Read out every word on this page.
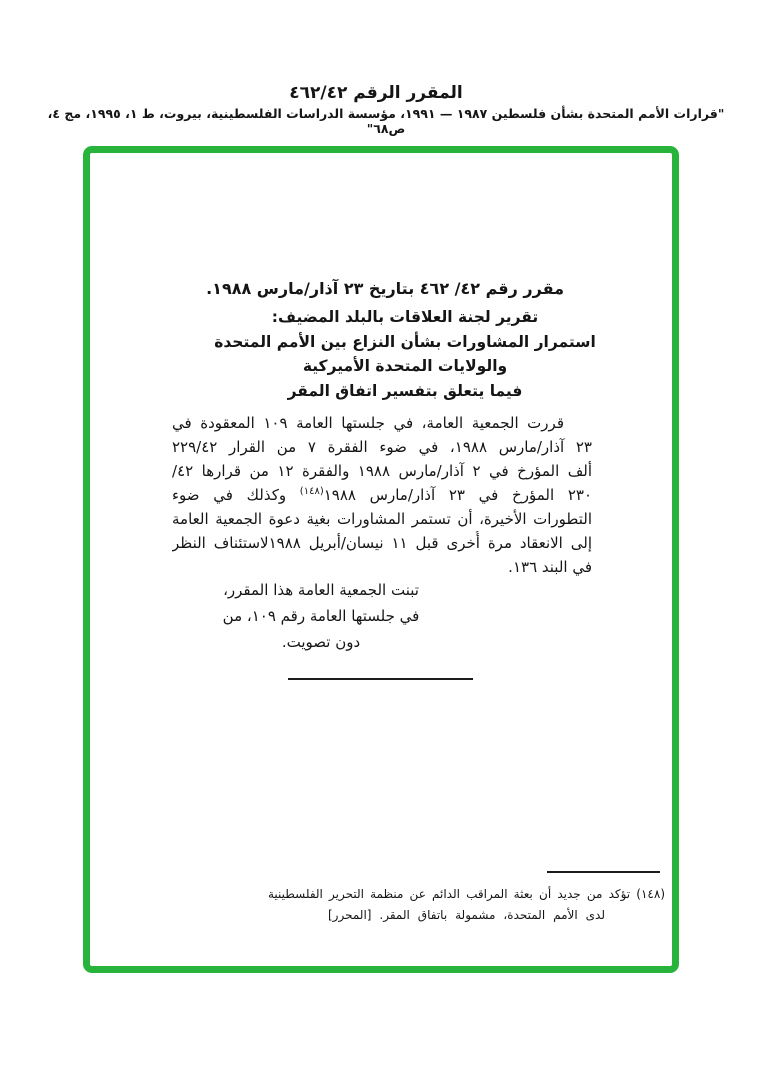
المقرر الرقم ٤٦٢/٤٢
"قرارات الأمم المتحدة بشأن فلسطين ١٩٨٧ — ١٩٩١، مؤسسة الدراسات الفلسطينية، بيروت، ط ١، ١٩٩٥، مج ٤، ص٦٨"
مقرر رقم ٤٢/ ٤٦٢ بتاريخ ٢٣ آذار/مارس ١٩٨٨.
تقرير لجنة العلاقات بالبلد المضيف:
استمرار المشاورات بشأن النزاع بين الأمم المتحدة
والولايات المتحدة الأميركية
فيما يتعلق بتفسير اتفاق المقر
قررت الجمعية العامة، في جلستها العامة ١٠٩ المعقودة في
٢٣ آذار/مارس ١٩٨٨، في ضوء الفقرة ٧ من القرار ٢٢٩/٤٢
ألف المؤرخ في ٢ آذار/مارس ١٩٨٨ والفقرة ١٢ من قرارها ٤٢/
٢٣٠ المؤرخ في ٢٣ آذار/مارس ١٩٨٨$^{(١٤٨)}$ وكذلك في ضوء
التطورات الأخيرة، أن تستمر المشاورات بغية دعوة الجمعية العامة
إلى الانعقاد مرة أُخرى قبل ١١ نيسان/أبريل ١٩٨٨لاستئناف النظر
في البند ١٣٦.
تبنت الجمعية العامة هذا المقرر،
في جلستها العامة رقم ١٠٩، من
دون تصويت.
(١٤٨) تؤكد من جديد أن بعثة المراقب الدائم عن منظمة التحرير الفلسطينية
لدى الأمم المتحدة، مشمولة باتفاق المقر. [المحرر]
